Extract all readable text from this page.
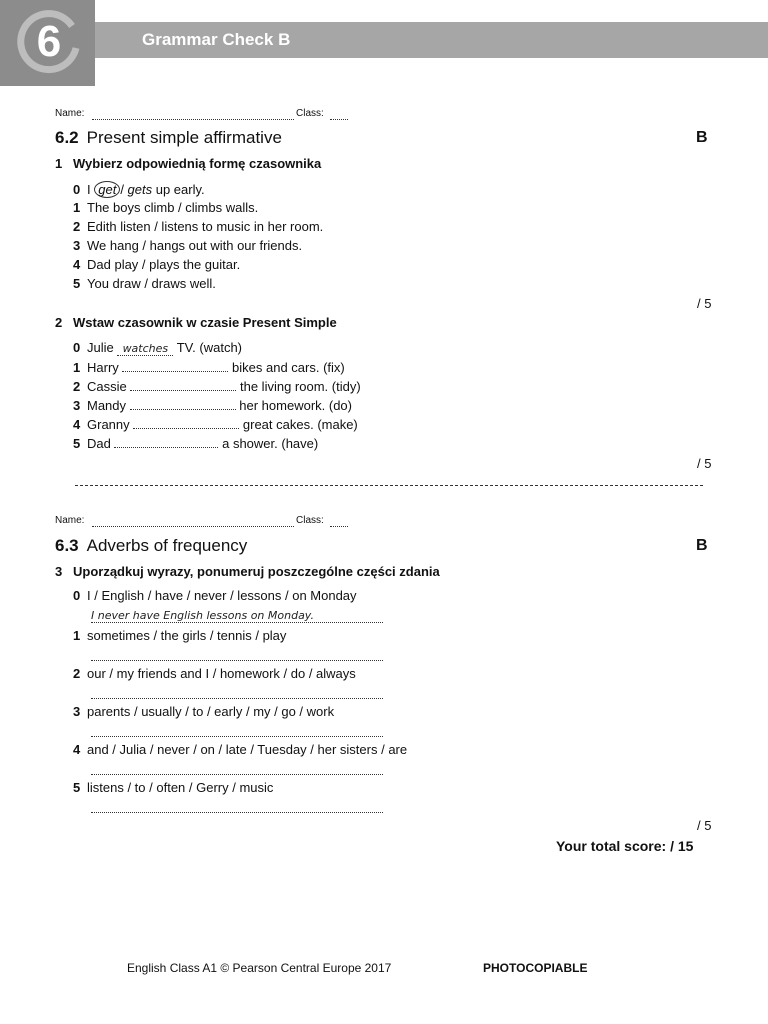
6	Grammar Check B
Name:	Class:
6.2 Present simple affirmative	B
1 Wybierz odpowiednią formę czasownika
0 I get / gets up early.
1 The boys climb / climbs walls.
2 Edith listen / listens to music in her room.
3 We hang / hangs out with our friends.
4 Dad play / plays the guitar.
5 You draw / draws well.
/ 5
2 Wstaw czasownik w czasie Present Simple
0 Julie watches TV. (watch)
1 Harry	bikes and cars. (fix)
2 Cassie	the living room. (tidy)
3 Mandy	her homework. (do)
4 Granny	great cakes. (make)
5 Dad	a shower. (have)
/ 5
Name:	Class:
6.3 Adverbs of frequency	B
3 Uporządkuj wyrazy, ponumeruj poszczególne części zdania
0 I / English / have / never / lessons / on Monday
I never have English lessons on Monday.
1 sometimes / the girls / tennis / play
2 our / my friends and I / homework / do / always
3 parents / usually / to / early / my / go / work
4 and / Julia / never / on / late / Tuesday / her sisters / are
5 listens / to / often / Gerry / music
/ 5
Your total score: / 15
English Class A1 © Pearson Central Europe 2017	PHOTOCOPIABLE
